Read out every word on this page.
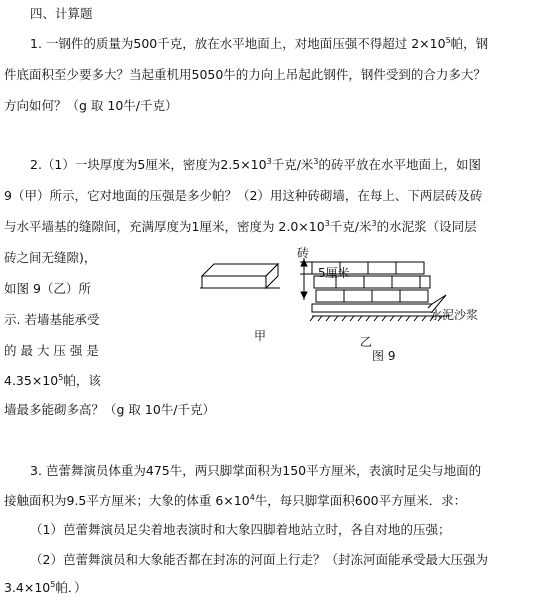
四、计算题
1. 一钢件的质量为500千克，放在水平地面上，对地面压强不得超过 $2\times 10^5$帕，钢
件底面积至少要多大？当起重机用5050牛的力向上吊起此钢件，钢件受到的合力多大？
方向如何？（g 取 10牛/千克）
2.（1）一块厚度为5厘米，密度为$2.5\times 10^3$千克/米$^3$的砖平放在水平地面上，如图
9（甲）所示，它对地面的压强是多少帕？（2）用这种砖砌墙，在每上、下两层砖及砖
与水平墙基的缝隙间，充满厚度为1厘米，密度为 $2.0\times 10^3$千克/米$^3$的水泥浆（设同层
砖之间无缝隙)，
如图 9（乙）所
示. 若墙基能承受
的 最 大 压 强 是
$4.35\times 10^5$帕，该
墙最多能砌多高？（g 取 10牛/千克）
砖
5厘米
水泥沙浆
甲	乙
图 9
3. 芭蕾舞演员体重为475牛，两只脚掌面积为150平方厘米，表演时足尖与地面的
接触面积为9.5平方厘米；大象的体重 $6\times 10^4$牛，每只脚掌面积600平方厘米．求：
（1）芭蕾舞演员足尖着地表演时和大象四脚着地站立时，各自对地的压强；
（2）芭蕾舞演员和大象能否都在封冻的河面上行走？（封冻河面能承受最大压强为
$3.4\times 10^5$帕．）
